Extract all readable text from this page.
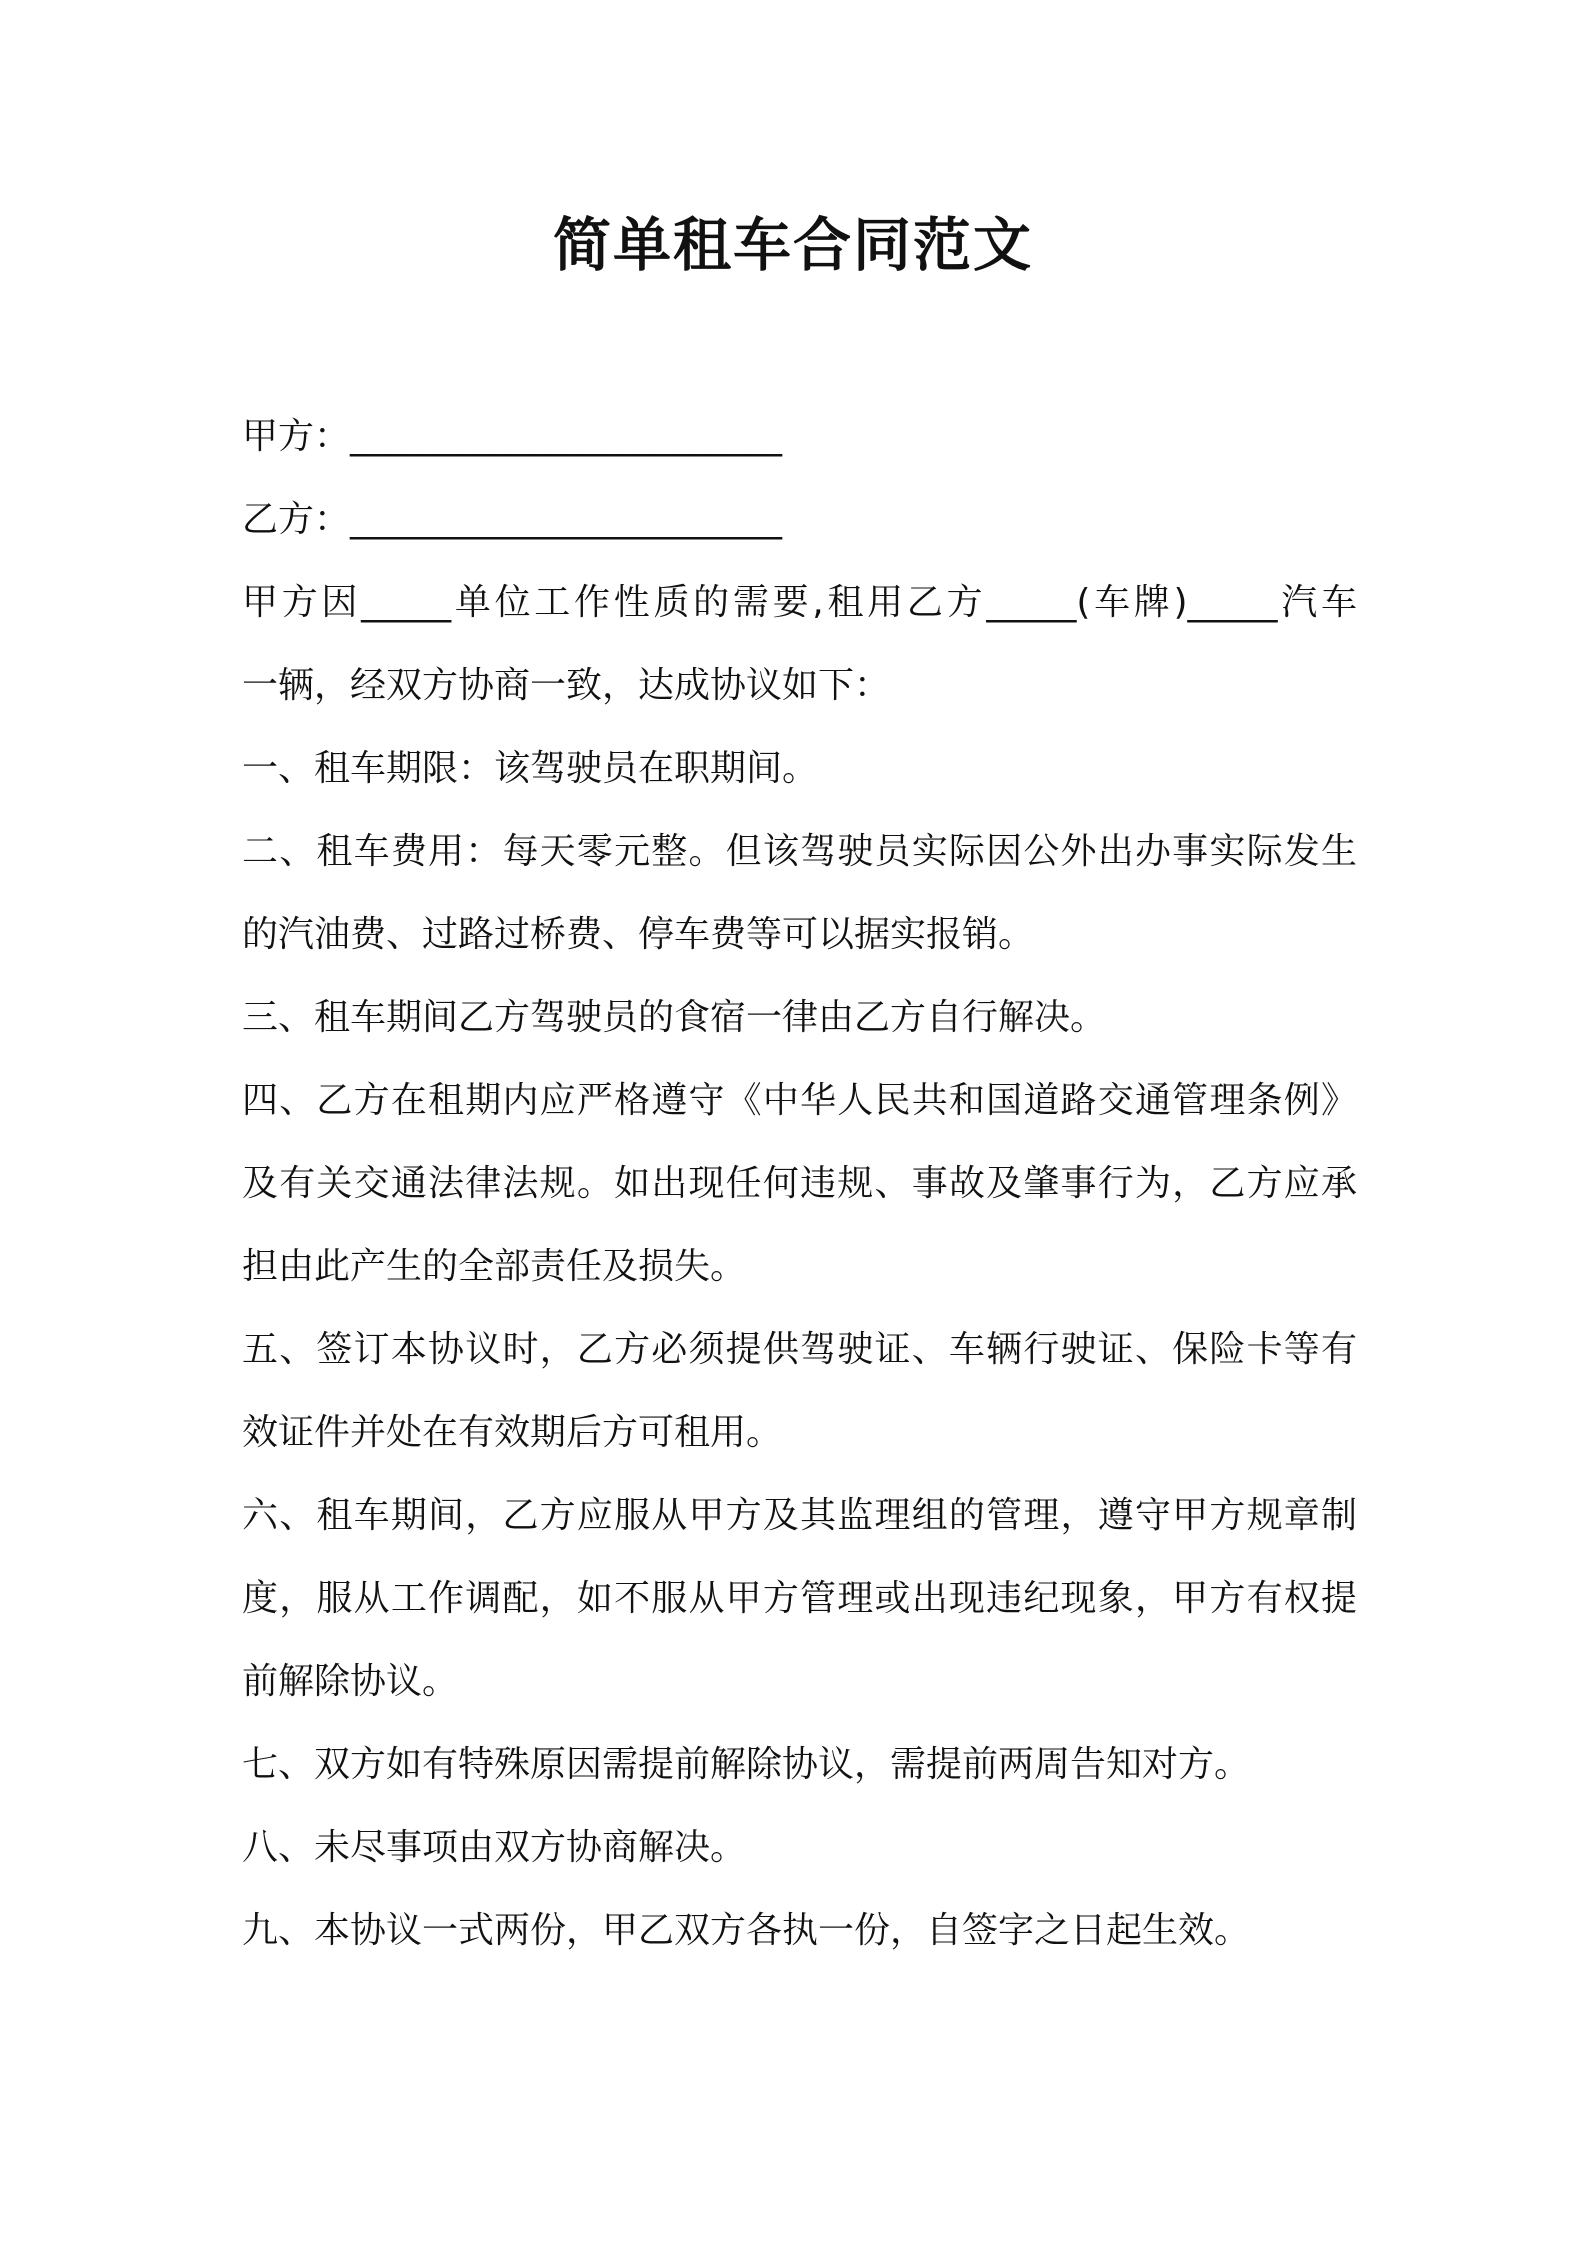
简单租车合同范文
甲方：________________________
乙方：________________________
甲方因_____单位工作性质的需要,租用乙方_____(车牌)_____汽车
一辆，经双方协商一致，达成协议如下：
一、租车期限：该驾驶员在职期间。
二、租车费用：每天零元整。但该驾驶员实际因公外出办事实际发生
的汽油费、过路过桥费、停车费等可以据实报销。
三、租车期间乙方驾驶员的食宿一律由乙方自行解决。
四、乙方在租期内应严格遵守《中华人民共和国道路交通管理条例》
及有关交通法律法规。如出现任何违规、事故及肇事行为，乙方应承
担由此产生的全部责任及损失。
五、签订本协议时，乙方必须提供驾驶证、车辆行驶证、保险卡等有
效证件并处在有效期后方可租用。
六、租车期间，乙方应服从甲方及其监理组的管理，遵守甲方规章制
度，服从工作调配，如不服从甲方管理或出现违纪现象，甲方有权提
前解除协议。
七、双方如有特殊原因需提前解除协议，需提前两周告知对方。
八、未尽事项由双方协商解决。
九、本协议一式两份，甲乙双方各执一份，自签字之日起生效。
